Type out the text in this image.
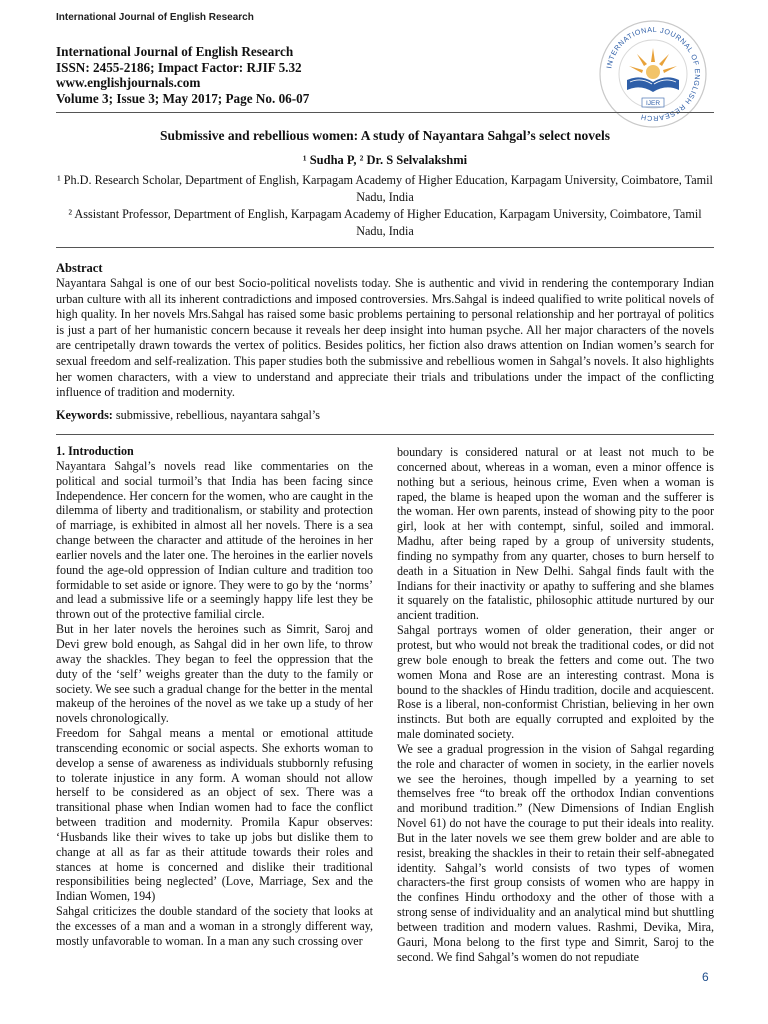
International Journal of English Research
International Journal of English Research
ISSN: 2455-2186; Impact Factor: RJIF 5.32
www.englishjournals.com
Volume 3; Issue 3; May 2017; Page No. 06-07
INTERNATIONAL JOURNAL OF ENGLISH RESEARCH
IJER
Submissive and rebellious women: A study of Nayantara Sahgal’s select novels
¹ Sudha P, ² Dr. S Selvalakshmi
¹ Ph.D. Research Scholar, Department of English, Karpagam Academy of Higher Education, Karpagam University, Coimbatore, Tamil Nadu, India
² Assistant Professor, Department of English, Karpagam Academy of Higher Education, Karpagam University, Coimbatore, Tamil Nadu, India
Abstract
Nayantara Sahgal is one of our best Socio-political novelists today. She is authentic and vivid in rendering the contemporary Indian urban culture with all its inherent contradictions and imposed controversies. Mrs.Sahgal is indeed qualified to write political novels of high quality. In her novels Mrs.Sahgal has raised some basic problems pertaining to personal relationship and her portrayal of politics is just a part of her humanistic concern because it reveals her deep insight into human psyche. All her major characters of the novels are centripetally drawn towards the vertex of politics. Besides politics, her fiction also draws attention on Indian women’s search for sexual freedom and self-realization. This paper studies both the submissive and rebellious women in Sahgal’s novels. It also highlights her women characters, with a view to understand and appreciate their trials and tribulations under the impact of the conflicting influence of tradition and modernity.
Keywords: submissive, rebellious, nayantara sahgal’s

1. Introduction

Nayantara Sahgal’s novels read like commentaries on the political and social turmoil’s that India has been facing since Independence. Her concern for the women, who are caught in the dilemma of liberty and traditionalism, or stability and protection of marriage, is exhibited in almost all her novels. There is a sea change between the character and attitude of the heroines in her earlier novels and the later one. The heroines in the earlier novels found the age-old oppression of Indian culture and tradition too formidable to set aside or ignore. They were to go by the ‘norms’ and lead a submissive life or a seemingly happy life lest they be thrown out of the protective familial circle.

But in her later novels the heroines such as Simrit, Saroj and Devi grew bold enough, as Sahgal did in her own life, to throw away the shackles. They began to feel the oppression that the duty of the ‘self’ weighs greater than the duty to the family or society. We see such a gradual change for the better in the mental makeup of the heroines of the novel as we take up a study of her novels chronologically.

Freedom for Sahgal means a mental or emotional attitude transcending economic or social aspects. She exhorts woman to develop a sense of awareness as individuals stubbornly refusing to tolerate injustice in any form. A woman should not allow herself to be considered as an object of sex. There was a transitional phase when Indian women had to face the conflict between tradition and modernity. Promila Kapur observes: ‘Husbands like their wives to take up jobs but dislike them to change at all as far as their attitude towards their roles and stances at home is concerned and dislike their traditional responsibilities being neglected’ (Love, Marriage, Sex and the Indian Women, 194)

Sahgal criticizes the double standard of the society that looks at the excesses of a man and a woman in a strongly different way, mostly unfavorable to woman. In a man any such crossing over

boundary is considered natural or at least not much to be concerned about, whereas in a woman, even a minor offence is nothing but a serious, heinous crime, Even when a woman is raped, the blame is heaped upon the woman and the sufferer is the woman. Her own parents, instead of showing pity to the poor girl, look at her with contempt, sinful, soiled and immoral. Madhu, after being raped by a group of university students, finding no sympathy from any quarter, choses to burn herself to death in a Situation in New Delhi. Sahgal finds fault with the Indians for their inactivity or apathy to suffering and she blames it squarely on the fatalistic, philosophic attitude nurtured by our ancient tradition.

Sahgal portrays women of older generation, their anger or protest, but who would not break the traditional codes, or did not grew bole enough to break the fetters and come out. The two women Mona and Rose are an interesting contrast. Mona is bound to the shackles of Hindu tradition, docile and acquiescent. Rose is a liberal, non-conformist Christian, believing in her own instincts. But both are equally corrupted and exploited by the male dominated society.

We see a gradual progression in the vision of Sahgal regarding the role and character of women in society, in the earlier novels we see the heroines, though impelled by a yearning to set themselves free “to break off the orthodox Indian conventions and moribund tradition.” (New Dimensions of Indian English Novel 61) do not have the courage to put their ideals into reality. But in the later novels we see them grew bolder and are able to resist, breaking the shackles in their to retain their self-abnegated identity. Sahgal’s world consists of two types of women characters-the first group consists of women who are happy in the confines Hindu orthodoxy and the other of those with a strong sense of individuality and an analytical mind but shuttling between tradition and modern values. Rashmi, Devika, Mira, Gauri, Mona belong to the first type and Simrit, Saroj to the second. We find Sahgal’s women do not repudiate

6
